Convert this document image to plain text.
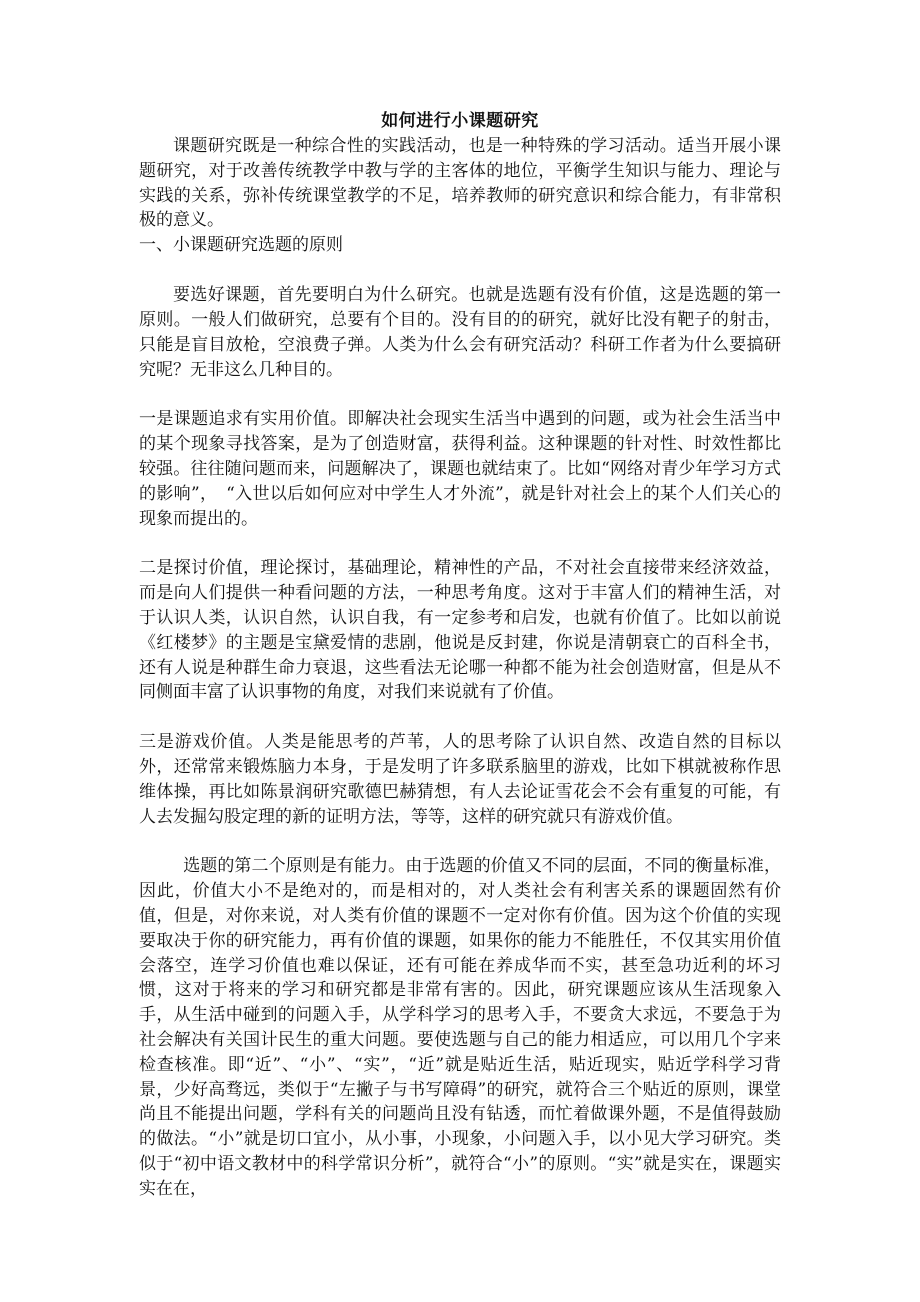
如何进行小课题研究

课题研究既是一种综合性的实践活动，也是一种特殊的学习活动。适当开展小课题研究，对于改善传统教学中教与学的主客体的地位，平衡学生知识与能力、理论与实践的关系，弥补传统课堂教学的不足，培养教师的研究意识和综合能力，有非常积极的意义。

一、小课题研究选题的原则

要选好课题，首先要明白为什么研究。也就是选题有没有价值，这是选题的第一原则。一般人们做研究，总要有个目的。没有目的的研究，就好比没有靶子的射击，只能是盲目放枪，空浪费子弹。人类为什么会有研究活动？科研工作者为什么要搞研究呢？无非这么几种目的。

一是课题追求有实用价值。即解决社会现实生活当中遇到的问题，或为社会生活当中的某个现象寻找答案，是为了创造财富，获得利益。这种课题的针对性、时效性都比较强。往往随问题而来，问题解决了，课题也就结束了。比如“网络对青少年学习方式的影响”，　“入世以后如何应对中学生人才外流”，就是针对社会上的某个人们关心的现象而提出的。

二是探讨价值，理论探讨，基础理论，精神性的产品，不对社会直接带来经济效益，而是向人们提供一种看问题的方法，一种思考角度。这对于丰富人们的精神生活，对于认识人类，认识自然，认识自我，有一定参考和启发，也就有价值了。比如以前说《红楼梦》的主题是宝黛爱情的悲剧，他说是反封建，你说是清朝衰亡的百科全书，还有人说是种群生命力衰退，这些看法无论哪一种都不能为社会创造财富，但是从不同侧面丰富了认识事物的角度，对我们来说就有了价值。

三是游戏价值。人类是能思考的芦苇，人的思考除了认识自然、改造自然的目标以外，还常常来锻炼脑力本身，于是发明了许多联系脑里的游戏，比如下棋就被称作思维体操，再比如陈景润研究歌德巴赫猜想，有人去论证雪花会不会有重复的可能，有人去发掘勾股定理的新的证明方法，等等，这样的研究就只有游戏价值。

选题的第二个原则是有能力。由于选题的价值又不同的层面，不同的衡量标准，因此，价值大小不是绝对的，而是相对的，对人类社会有利害关系的课题固然有价值，但是，对你来说，对人类有价值的课题不一定对你有价值。因为这个价值的实现要取决于你的研究能力，再有价值的课题，如果你的能力不能胜任，不仅其实用价值会落空，连学习价值也难以保证，还有可能在养成华而不实，甚至急功近利的坏习惯，这对于将来的学习和研究都是非常有害的。因此，研究课题应该从生活现象入手，从生活中碰到的问题入手，从学科学习的思考入手，不要贪大求远，不要急于为社会解决有关国计民生的重大问题。要使选题与自己的能力相适应，可以用几个字来检查核准。即“近”、“小”、“实”，“近”就是贴近生活，贴近现实，贴近学科学习背景，少好高骛远，类似于“左撇子与书写障碍”的研究，就符合三个贴近的原则，课堂尚且不能提出问题，学科有关的问题尚且没有钻透，而忙着做课外题，不是值得鼓励的做法。“小”就是切口宜小，从小事，小现象，小问题入手，以小见大学习研究。类似于“初中语文教材中的科学常识分析”，就符合“小”的原则。“实”就是实在，课题实实在在，
